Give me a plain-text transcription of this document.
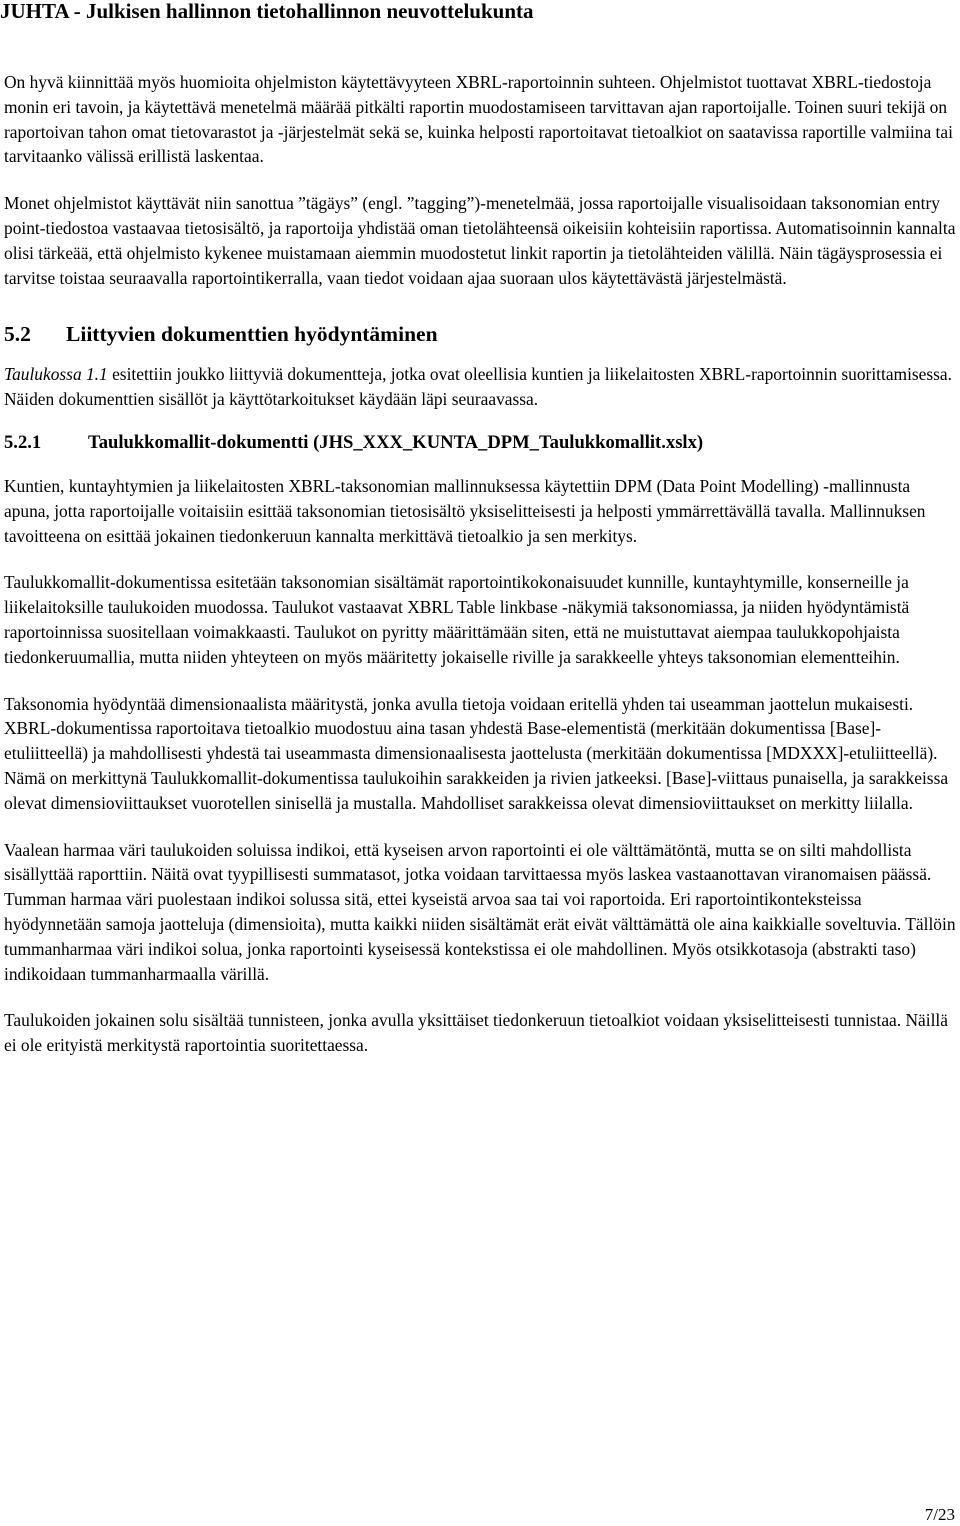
JUHTA - Julkisen hallinnon tietohallinnon neuvottelukunta

On hyvä kiinnittää myös huomioita ohjelmiston käytettävyyteen XBRL-raportoinnin suhteen. Ohjelmistot tuottavat XBRL-tiedostoja monin eri tavoin, ja käytettävä menetelmä määrää pitkälti raportin muodostamiseen tarvittavan ajan raportoijalle. Toinen suuri tekijä on raportoivan tahon omat tietovarastot ja -järjestelmät sekä se, kuinka helposti raportoitavat tietoalkiot on saatavissa raportille valmiina tai tarvitaanko välissä erillistä laskentaa.

Monet ohjelmistot käyttävät niin sanottua ”tägäys” (engl. ”tagging”)-menetelmää, jossa raportoijalle visualisoidaan taksonomian entry point-tiedostoa vastaavaa tietosisältö, ja raportoija yhdistää oman tietolähteensä oikeisiin kohteisiin raportissa. Automatisoinnin kannalta olisi tärkeää, että ohjelmisto kykenee muistamaan aiemmin muodostetut linkit raportin ja tietolähteiden välillä. Näin tägäysprosessia ei tarvitse toistaa seuraavalla raportointikerralla, vaan tiedot voidaan ajaa suoraan ulos käytettävästä järjestelmästä.

5.2 Liittyvien dokumenttien hyödyntäminen

Taulukossa 1.1 esitettiin joukko liittyviä dokumentteja, jotka ovat oleellisia kuntien ja liikelaitosten XBRL-raportoinnin suorittamisessa. Näiden dokumenttien sisällöt ja käyttötarkoitukset käydään läpi seuraavassa.

5.2.1	Taulukkomallit-dokumentti (JHS_XXX_KUNTA_DPM_Taulukkomallit.xslx)

Kuntien, kuntayhtymien ja liikelaitosten XBRL-taksonomian mallinnuksessa käytettiin DPM (Data Point Modelling) -mallinnusta apuna, jotta raportoijalle voitaisiin esittää taksonomian tietosisältö yksiselitteisesti ja helposti ymmärrettävällä tavalla. Mallinnuksen tavoitteena on esittää jokainen tiedonkeruun kannalta merkittävä tietoalkio ja sen merkitys.

Taulukkomallit-dokumentissa esitetään taksonomian sisältämät raportointikokonaisuudet kunnille, kuntayhtymille, konserneille ja liikelaitoksille taulukoiden muodossa. Taulukot vastaavat XBRL Table linkbase -näkymiä taksonomiassa, ja niiden hyödyntämistä raportoinnissa suositellaan voimakkaasti. Taulukot on pyritty määrittämään siten, että ne muistuttavat aiempaa taulukkopohjaista tiedonkeruumallia, mutta niiden yhteyteen on myös määritetty jokaiselle riville ja sarakkeelle yhteys taksonomian elementteihin.

Taksonomia hyödyntää dimensionaalista määritystä, jonka avulla tietoja voidaan eritellä yhden tai useamman jaottelun mukaisesti. XBRL-dokumentissa raportoitava tietoalkio muodostuu aina tasan yhdestä Base-elementistä (merkitään dokumentissa [Base]-etuliitteellä) ja mahdollisesti yhdestä tai useammasta dimensionaalisesta jaottelusta (merkitään dokumentissa [MDXXX]-etuliitteellä). Nämä on merkittynä Taulukkomallit-dokumentissa taulukoihin sarakkeiden ja rivien jatkeeksi. [Base]-viittaus punaisella, ja sarakkeissa olevat dimensioviittaukset vuorotellen sinisellä ja mustalla. Mahdolliset sarakkeissa olevat dimensioviittaukset on merkitty liilalla.

Vaalean harmaa väri taulukoiden soluissa indikoi, että kyseisen arvon raportointi ei ole välttämätöntä, mutta se on silti mahdollista sisällyttää raporttiin. Näitä ovat tyypillisesti summatasot, jotka voidaan tarvittaessa myös laskea vastaanottavan viranomaisen päässä. Tumman harmaa väri puolestaan indikoi solussa sitä, ettei kyseistä arvoa saa tai voi raportoida. Eri raportointikonteksteissa hyödynnetään samoja jaotteluja (dimensioita), mutta kaikki niiden sisältämät erät eivät välttämättä ole aina kaikkialle soveltuvia. Tällöin tummanharmaa väri indikoi solua, jonka raportointi kyseisessä kontekstissa ei ole mahdollinen. Myös otsikkotasoja (abstrakti taso) indikoidaan tummanharmaalla värillä.

Taulukoiden jokainen solu sisältää tunnisteen, jonka avulla yksittäiset tiedonkeruun tietoalkiot voidaan yksiselitteisesti tunnistaa. Näillä ei ole erityistä merkitystä raportointia suoritettaessa.

7/23
